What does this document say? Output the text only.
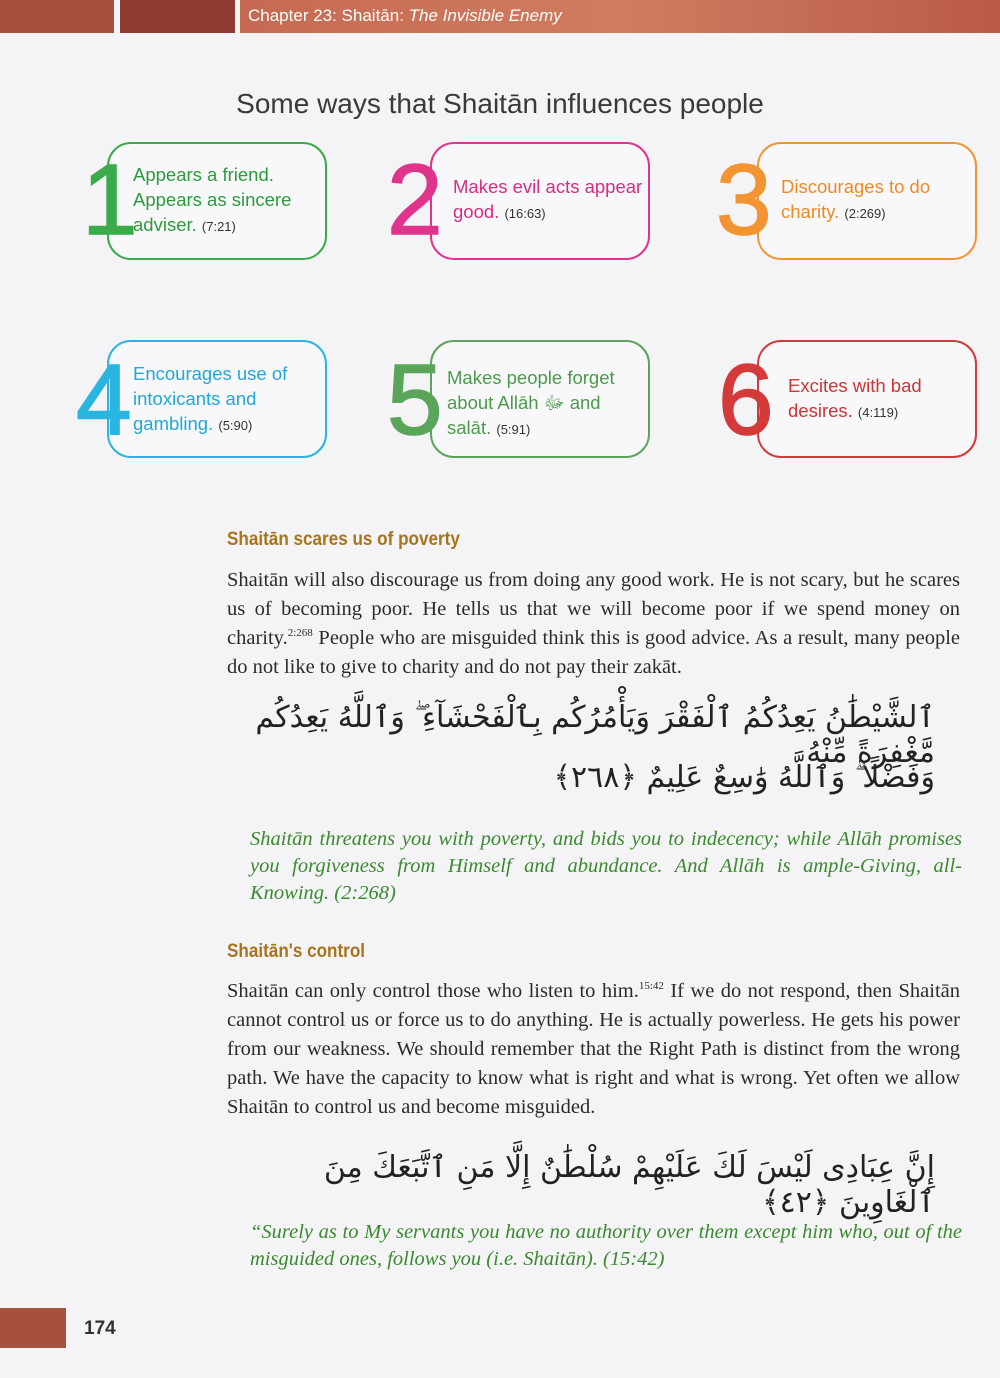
Chapter 23: Shaitān: The Invisible Enemy
Some ways that Shaitān influences people
1
Appears a friend. Appears as sincere adviser. (7:21)	2 Makes evil acts appear good. (16:63)	3 Discourages to do charity. (2:269)
4 Encourages use of intoxicants and gambling. (5:90)	5 Makes people forget about Allāh ﷻ and salāt. (5:91)	6 Excites with bad desires. (4:119)
Shaitān scares us of poverty
Shaitān will also discourage us from doing any good work. He is not scary, but he scares us of becoming poor. He tells us that we will become poor if we spend money on charity.$^{2:268}$ People who are misguided think this is good advice. As a result, many people do not like to give to charity and do not pay their zakāt.
ٱلشَّيْطَٰنُ يَعِدُكُمُ ٱلْفَقْرَ وَيَأْمُرُكُم بِٱلْفَحْشَآءِ ۖ وَٱللَّهُ يَعِدُكُم مَّغْفِرَةً مِّنْهُ
وَفَضْلًا ۗ وَٱللَّهُ وَٰسِعٌ عَلِيمٌ ﴿٢٦٨﴾
Shaitān threatens you with poverty, and bids you to indecency; while Allāh promises you forgiveness from Himself and abundance. And Allāh is ample-Giving, all-Knowing. (2:268)
Shaitān's control
Shaitān can only control those who listen to him.$^{15:42}$ If we do not respond, then Shaitān cannot control us or force us to do anything. He is actually powerless. He gets his power from our weakness. We should remember that the Right Path is distinct from the wrong path. We have the capacity to know what is right and what is wrong. Yet often we allow Shaitān to control us and become misguided.
إِنَّ عِبَادِى لَيْسَ لَكَ عَلَيْهِمْ سُلْطَٰنٌ إِلَّا مَنِ ٱتَّبَعَكَ مِنَ ٱلْغَاوِينَ ﴿٤٢﴾
“Surely as to My servants you have no authority over them except him who, out of the misguided ones, follows you (i.e. Shaitān). (15:42)
174
